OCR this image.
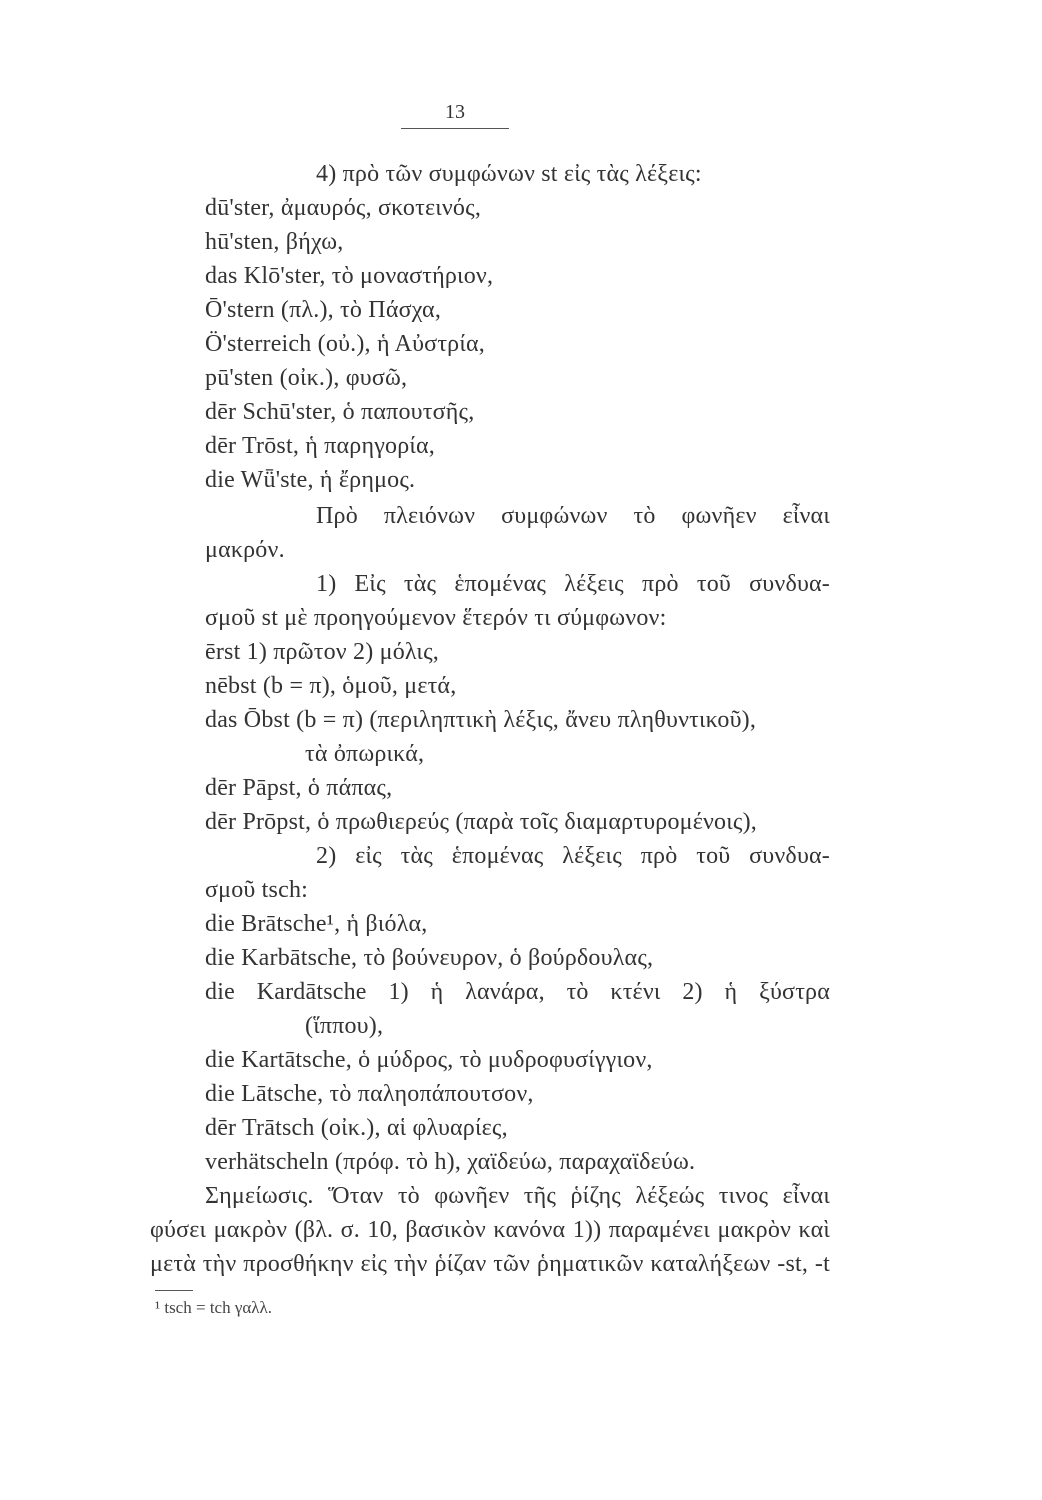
13
4) πρὸ τῶν συμφώνων st εἰς τὰς λέξεις:
dū'ster, ἀμαυρός, σκοτεινός,
hū'sten, βήχω,
das Klō'ster, τὸ μοναστήριον,
Ō'stern (πλ.), τὸ Πάσχα,
Ö'sterreich (οὐ.), ἡ Αὐστρία,
pū'sten (οἰκ.), φυσῶ,
dēr Schū'ster, ὁ παπουτσῆς,
dēr Trōst, ἡ παρηγορία,
die Wǖ'ste, ἡ ἔρημος.
Πρὸ πλειόνων συμφώνων τὸ φωνῆεν εἶναι
μακρόν.
1) Εἰς τὰς ἑπομένας λέξεις πρὸ τοῦ συνδυα-
σμοῦ st μὲ προηγούμενον ἕτερόν τι σύμφωνον:
ērst 1) πρῶτον 2) μόλις,
nēbst (b = π), ὁμοῦ, μετά,
das Ōbst (b = π) (περιληπτικὴ λέξις, ἄνευ πληθυντικοῦ),
τὰ ὀπωρικά,
dēr Pāpst, ὁ πάπας,
dēr Prōpst, ὁ πρωθιερεύς (παρὰ τοῖς διαμαρτυρομένοις),
2) εἰς τὰς ἑπομένας λέξεις πρὸ τοῦ συνδυα-
σμοῦ tsch:
die Brātsche¹, ἡ βιόλα,
die Karbātsche, τὸ βούνευρον, ὁ βούρδουλας,
die Kardātsche 1) ἡ λανάρα, τὸ κτένι 2) ἡ ξύστρα
(ἵππου),
die Kartātsche, ὁ μύδρος, τὸ μυδροφυσίγγιον,
die Lātsche, τὸ παληοπάπουτσον,
dēr Trātsch (οἰκ.), αἱ φλυαρίες,
verhätscheln (πρόφ. τὸ h), χαϊδεύω, παραχαϊδεύω.
Σημείωσις. Ὅταν τὸ φωνῆεν τῆς ῥίζης λέξεώς τινος εἶναι
φύσει μακρὸν (βλ. σ. 10, βασικὸν κανόνα 1)) παραμένει μακρὸν καὶ
μετὰ τὴν προσθήκην εἰς τὴν ῥίζαν τῶν ῥηματικῶν καταλήξεων -st, -t
¹ tsch = tch γαλλ.
